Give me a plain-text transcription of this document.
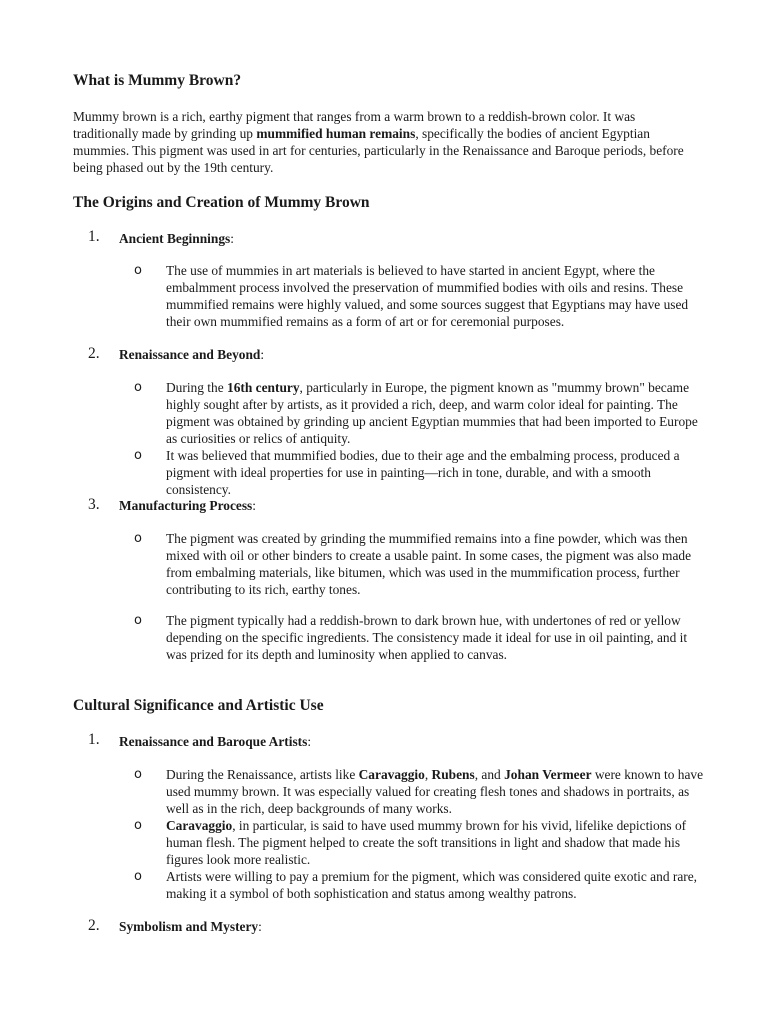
What is Mummy Brown?

Mummy brown is a rich, earthy pigment that ranges from a warm brown to a reddish-brown color. It was traditionally made by grinding up mummified human remains, specifically the bodies of ancient Egyptian mummies. This pigment was used in art for centuries, particularly in the Renaissance and Baroque periods, before being phased out by the 19th century.

The Origins and Creation of Mummy Brown
1. Ancient Beginnings:
o The use of mummies in art materials is believed to have started in ancient Egypt, where the embalmment process involved the preservation of mummified bodies with oils and resins. These mummified remains were highly valued, and some sources suggest that Egyptians may have used their own mummified remains as a form of art or for ceremonial purposes.

2. Renaissance and Beyond:
o During the 16th century, particularly in Europe, the pigment known as "mummy brown" became highly sought after by artists, as it provided a rich, deep, and warm color ideal for painting. The pigment was obtained by grinding up ancient Egyptian mummies that had been imported to Europe as curiosities or relics of antiquity.

o It was believed that mummified bodies, due to their age and the embalming process, produced a pigment with ideal properties for use in painting—rich in tone, durable, and with a smooth consistency.

3. Manufacturing Process:
o The pigment was created by grinding the mummified remains into a fine powder, which was then mixed with oil or other binders to create a usable paint. In some cases, the pigment was also made from embalming materials, like bitumen, which was used in the mummification process, further contributing to its rich, earthy tones.

o The pigment typically had a reddish-brown to dark brown hue, with undertones of red or yellow depending on the specific ingredients. The consistency made it ideal for use in oil painting, and it was prized for its depth and luminosity when applied to canvas.

Cultural Significance and Artistic Use
1. Renaissance and Baroque Artists:
o During the Renaissance, artists like Caravaggio, Rubens, and Johan Vermeer were known to have used mummy brown. It was especially valued for creating flesh tones and shadows in portraits, as well as in the rich, deep backgrounds of many works.

o Caravaggio, in particular, is said to have used mummy brown for his vivid, lifelike depictions of human flesh. The pigment helped to create the soft transitions in light and shadow that made his figures look more realistic.

o Artists were willing to pay a premium for the pigment, which was considered quite exotic and rare, making it a symbol of both sophistication and status among wealthy patrons.

2. Symbolism and Mystery:
